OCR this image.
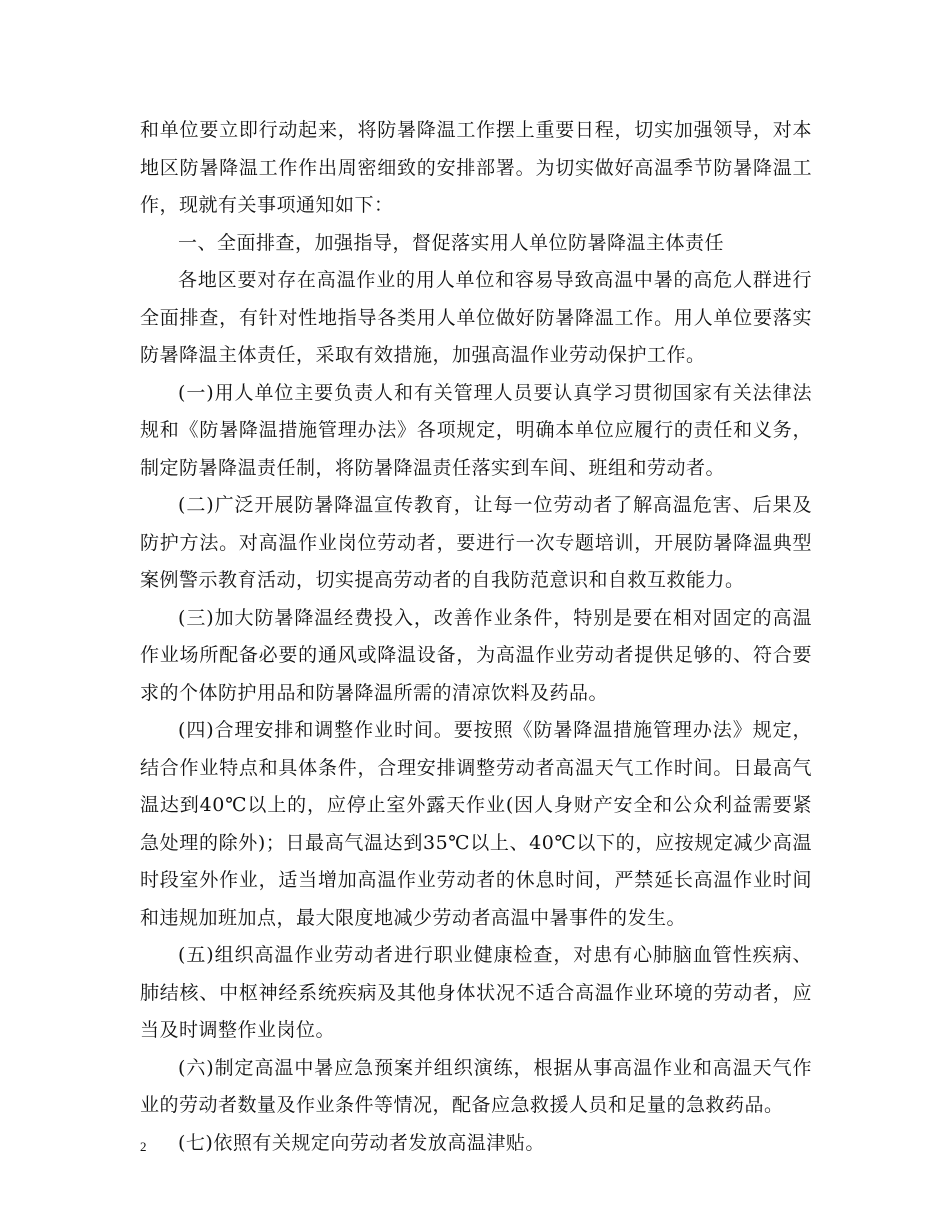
和单位要立即行动起来，将防暑降温工作摆上重要日程，切实加强领导，对本地区防暑降温工作作出周密细致的安排部署。为切实做好高温季节防暑降温工作，现就有关事项通知如下：

一、全面排查，加强指导，督促落实用人单位防暑降温主体责任

各地区要对存在高温作业的用人单位和容易导致高温中暑的高危人群进行全面排查，有针对性地指导各类用人单位做好防暑降温工作。用人单位要落实防暑降温主体责任，采取有效措施，加强高温作业劳动保护工作。

(一)用人单位主要负责人和有关管理人员要认真学习贯彻国家有关法律法规和《防暑降温措施管理办法》各项规定，明确本单位应履行的责任和义务，制定防暑降温责任制，将防暑降温责任落实到车间、班组和劳动者。

(二)广泛开展防暑降温宣传教育，让每一位劳动者了解高温危害、后果及防护方法。对高温作业岗位劳动者，要进行一次专题培训，开展防暑降温典型案例警示教育活动，切实提高劳动者的自我防范意识和自救互救能力。

(三)加大防暑降温经费投入，改善作业条件，特别是要在相对固定的高温作业场所配备必要的通风或降温设备，为高温作业劳动者提供足够的、符合要求的个体防护用品和防暑降温所需的清凉饮料及药品。

(四)合理安排和调整作业时间。要按照《防暑降温措施管理办法》规定，结合作业特点和具体条件，合理安排调整劳动者高温天气工作时间。日最高气温达到40℃以上的，应停止室外露天作业(因人身财产安全和公众利益需要紧急处理的除外)；日最高气温达到35℃以上、40℃以下的，应按规定减少高温时段室外作业，适当增加高温作业劳动者的休息时间，严禁延长高温作业时间和违规加班加点，最大限度地减少劳动者高温中暑事件的发生。

(五)组织高温作业劳动者进行职业健康检查，对患有心肺脑血管性疾病、肺结核、中枢神经系统疾病及其他身体状况不适合高温作业环境的劳动者，应当及时调整作业岗位。

(六)制定高温中暑应急预案并组织演练，根据从事高温作业和高温天气作业的劳动者数量及作业条件等情况，配备应急救援人员和足量的急救药品。

(七)依照有关规定向劳动者发放高温津贴。

2
